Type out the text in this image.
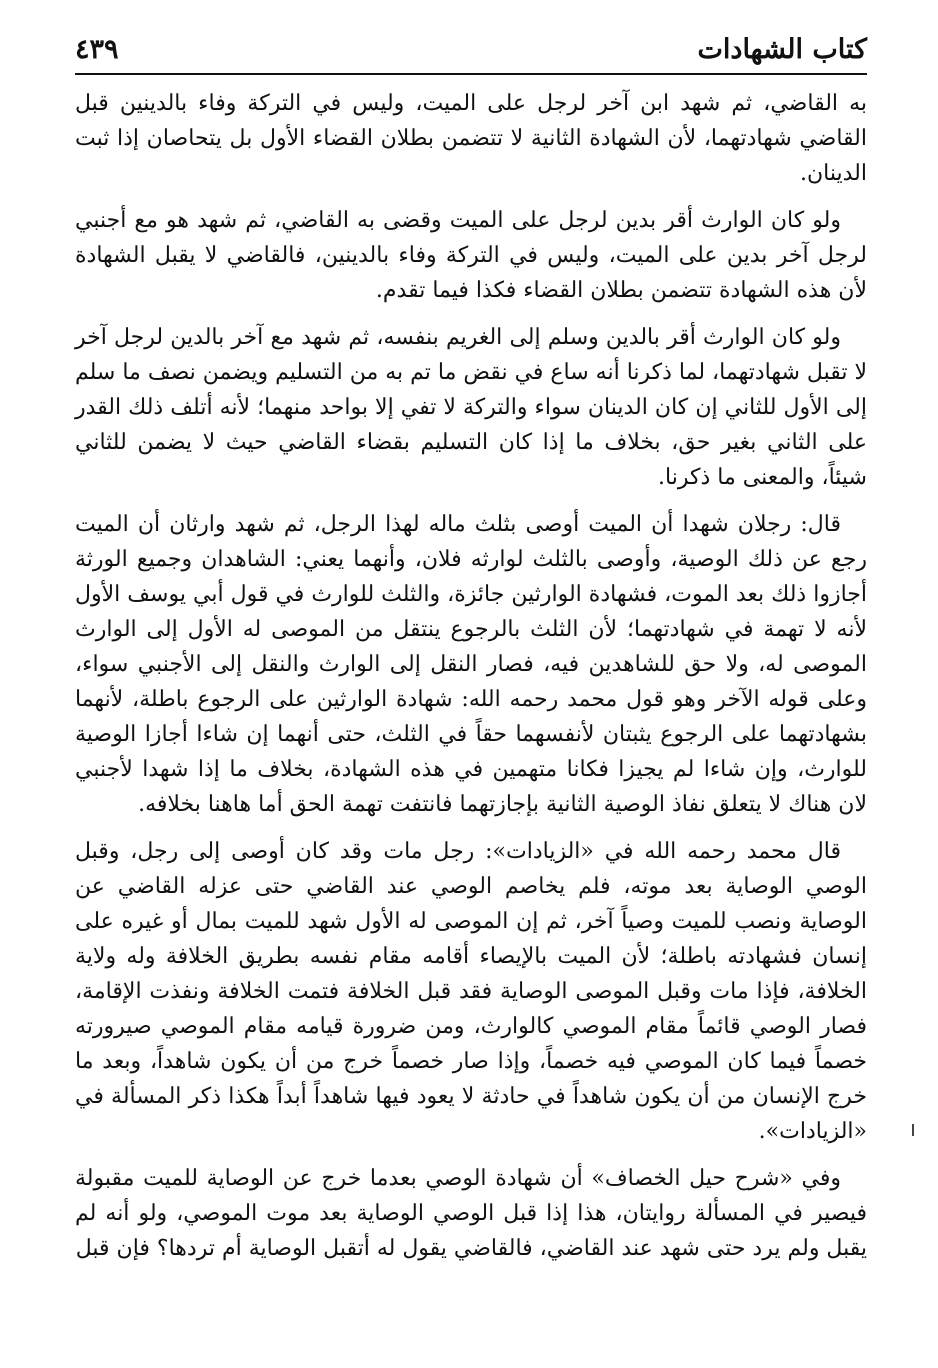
كتاب الشهادات
٤٣٩

به القاضي، ثم شهد ابن آخر لرجل على الميت، وليس في التركة وفاء بالدينين قبل القاضي شهادتهما، لأن الشهادة الثانية لا تتضمن بطلان القضاء الأول بل يتحاصان إذا ثبت الدينان.

ولو كان الوارث أقر بدين لرجل على الميت وقضى به القاضي، ثم شهد هو مع أجنبي لرجل آخر بدين على الميت، وليس في التركة وفاء بالدينين، فالقاضي لا يقبل الشهادة لأن هذه الشهادة تتضمن بطلان القضاء فكذا فيما تقدم.

ولو كان الوارث أقر بالدين وسلم إلى الغريم بنفسه، ثم شهد مع آخر بالدين لرجل آخر لا تقبل شهادتهما، لما ذكرنا أنه ساع في نقض ما تم به من التسليم ويضمن نصف ما سلم إلى الأول للثاني إن كان الدينان سواء والتركة لا تفي إلا بواحد منهما؛ لأنه أتلف ذلك القدر على الثاني بغير حق، بخلاف ما إذا كان التسليم بقضاء القاضي حيث لا يضمن للثاني شيئاً، والمعنى ما ذكرنا.

قال: رجلان شهدا أن الميت أوصى بثلث ماله لهذا الرجل، ثم شهد وارثان أن الميت رجع عن ذلك الوصية، وأوصى بالثلث لوارثه فلان، وأنهما يعني: الشاهدان وجميع الورثة أجازوا ذلك بعد الموت، فشهادة الوارثين جائزة، والثلث للوارث في قول أبي يوسف الأول لأنه لا تهمة في شهادتهما؛ لأن الثلث بالرجوع ينتقل من الموصى له الأول إلى الوارث الموصى له، ولا حق للشاهدين فيه، فصار النقل إلى الوارث والنقل إلى الأجنبي سواء، وعلى قوله الآخر وهو قول محمد رحمه الله: شهادة الوارثين على الرجوع باطلة، لأنهما بشهادتهما على الرجوع يثبتان لأنفسهما حقاً في الثلث، حتى أنهما إن شاءا أجازا الوصية للوارث، وإن شاءا لم يجيزا فكانا متهمين في هذه الشهادة، بخلاف ما إذا شهدا لأجنبي لان هناك لا يتعلق نفاذ الوصية الثانية بإجازتهما فانتفت تهمة الحق أما هاهنا بخلافه.

قال محمد رحمه الله في «الزيادات»: رجل مات وقد كان أوصى إلى رجل، وقبل الوصي الوصاية بعد موته، فلم يخاصم الوصي عند القاضي حتى عزله القاضي عن الوصاية ونصب للميت وصياً آخر، ثم إن الموصى له الأول شهد للميت بمال أو غيره على إنسان فشهادته باطلة؛ لأن الميت بالإيصاء أقامه مقام نفسه بطريق الخلافة وله ولاية الخلافة، فإذا مات وقبل الموصى الوصاية فقد قبل الخلافة فتمت الخلافة ونفذت الإقامة، فصار الوصي قائماً مقام الموصي كالوارث، ومن ضرورة قيامه مقام الموصي صيرورته خصماً فيما كان الموصي فيه خصماً، وإذا صار خصماً خرج من أن يكون شاهداً، وبعد ما خرج الإنسان من أن يكون شاهداً في حادثة لا يعود فيها شاهداً أبداً هكذا ذكر المسألة في «الزيادات».

وفي «شرح حيل الخصاف» أن شهادة الوصي بعدما خرج عن الوصاية للميت مقبولة فيصير في المسألة روايتان، هذا إذا قبل الوصي الوصاية بعد موت الموصي، ولو أنه لم يقبل ولم يرد حتى شهد عند القاضي، فالقاضي يقول له أتقبل الوصاية أم تردها؟ فإن قبل
